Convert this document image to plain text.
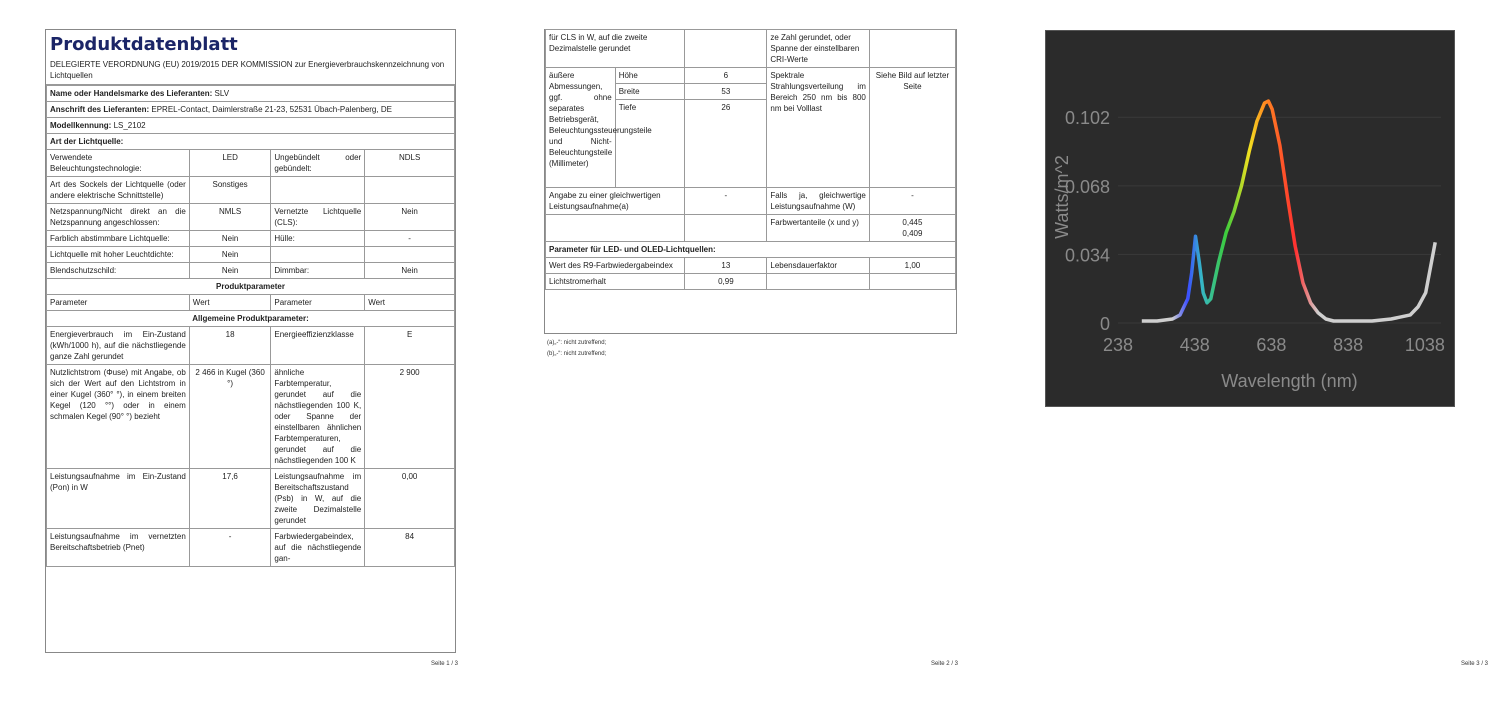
Produktdatenblatt
DELEGIERTE VERORDNUNG (EU) 2019/2015 DER KOMMISSION zur Energieverbrauchskennzeichnung von Lichtquellen
Name oder Handelsmarke des Lieferanten: SLV			
Anschrift des Lieferanten: EPREL-Contact, Daimlerstraße 21-23, 52531 Übach-Palenberg, DE			
Modellkennung: LS_2102			
Art der Lichtquelle:			
Verwendete Beleuchtungstechnologie:	LED	Ungebündelt oder gebündelt:	NDLS
Art des Sockels der Lichtquelle (oder andere elektrische Schnittstelle)	Sonstiges		
Netzspannung/Nicht direkt an die Netzspannung angeschlossen:	NMLS	Vernetzte Lichtquelle (CLS):	Nein
Farblich abstimmbare Lichtquelle:	Nein	Hülle:	-
Lichtquelle mit hoher Leuchtdichte:	Nein		
Blendschutzschild:	Nein	Dimmbar:	Nein
Produktparameter			
Parameter	Wert	Parameter	Wert
Allgemeine Produktparameter:			
Energieverbrauch im Ein-Zustand (kWh/1000 h), auf die nächstliegende ganze Zahl gerundet	18	Energieeffizienzklasse	E
Nutzlichtstrom (Φuse) mit Angabe, ob sich der Wert auf den Lichtstrom in einer Kugel (360° °), in einem breiten Kegel (120 °°) oder in einem schmalen Kegel (90° °) bezieht	2 466 in Kugel (360 °)	ähnliche Farbtemperatur, gerundet auf die nächstliegenden 100 K, oder Spanne der einstellbaren ähnlichen Farbtemperaturen, gerundet auf die nächstliegenden 100 K	2 900
Leistungsaufnahme im Ein-Zustand (Pon) in W	17,6	Leistungsaufnahme im Bereitschaftszustand (Psb) in W, auf die zweite Dezimalstelle gerundet	0,00
Leistungsaufnahme im vernetzten Bereitschaftsbetrieb (Pnet)	-	Farbwiedergabeindex, auf die nächstliegende gan-	84
Seite 1 / 3
für CLS in W, auf die zweite Dezimalstelle gerundet			ze Zahl gerundet, oder Spanne der einstellbaren CRI-Werte	
äußere Abmessungen, ggf. ohne separates Betriebsgerät, Beleuchtungssteuerungsteile und Nicht-Beleuchtungsteile (Millimeter)	Höhe	6	Spektrale Strahlungsverteilung im Bereich 250 nm bis 800 nm bei Volllast	Siehe Bild auf letzter Seite
	Breite	53		
	Tiefe	26		
Angabe zu einer gleichwertigen Leistungsaufnahme(a)		-	Falls ja, gleichwertige Leistungsaufnahme (W)	-
			Farbwertanteile (x und y)	0,445
0,409

Parameter für LED- und OLED-Lichtquellen:				
Wert des R9-Farbwiedergabeindex		13	Lebensdauerfaktor	1,00
Lichtstromerhalt		0,99		
(a)„-“: nicht zutreffend;
(b)„-“: nicht zutreffend;
Seite 2 / 3
0
0.034
0.068
0.102
238	438	638	838 1038
Wavelength (nm)
Watts/m^2
Seite 3 / 3
